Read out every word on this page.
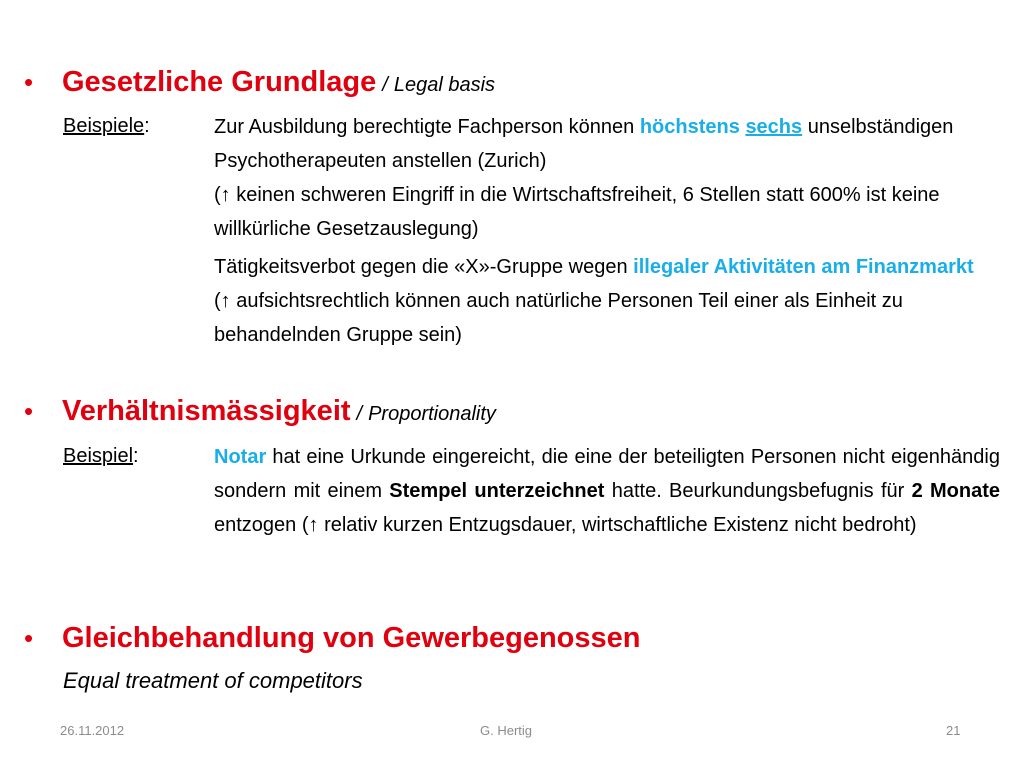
• Gesetzliche Grundlage / Legal basis
Beispiele:	Zur Ausbildung berechtigte Fachperson können höchstens sechs unselbständigen Psychotherapeuten anstellen (Zurich)
(↑ keinen schweren Eingriff in die Wirtschaftsfreiheit, 6 Stellen statt 600% ist keine willkürliche Gesetzauslegung)
Tätigkeitsverbot gegen die «X»-Gruppe wegen illegaler Aktivitäten am Finanzmarkt
(↑ aufsichtsrechtlich können auch natürliche Personen Teil einer als Einheit zu behandelnden Gruppe sein)
• Verhältnismässigkeit / Proportionality
Beispiel:	Notar hat eine Urkunde eingereicht, die eine der beteiligten Personen nicht eigenhändig sondern mit einem Stempel unterzeichnet hatte. Beurkundungsbefugnis für 2 Monate entzogen (↑ relativ kurzen Entzugsdauer, wirtschaftliche Existenz nicht bedroht)
• Gleichbehandlung von Gewerbegenossen
Equal treatment of competitors
26.11.2012	G. Hertig	21
